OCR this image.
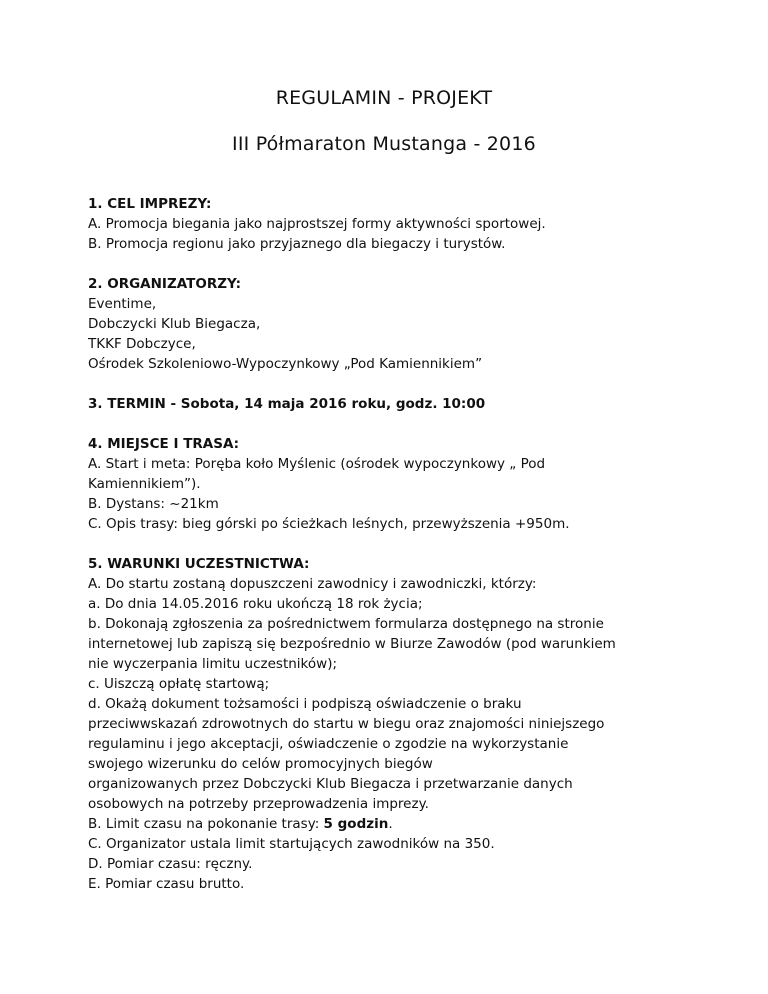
REGULAMIN - PROJEKT
III Półmaraton Mustanga - 2016
1. CEL IMPREZY:

A. Promocja biegania jako najprostszej formy aktywności sportowej.

B. Promocja regionu jako przyjaznego dla biegaczy i turystów.

2. ORGANIZATORZY:

Eventime,

Dobczycki Klub Biegacza,

TKKF Dobczyce,

Ośrodek Szkoleniowo-Wypoczynkowy „Pod Kamiennikiem”

3. TERMIN - Sobota, 14 maja 2016 roku, godz. 10:00
4. MIEJSCE I TRASA:

A. Start i meta: Poręba koło Myślenic (ośrodek wypoczynkowy „ Pod

Kamiennikiem”).

B. Dystans: ~21km

C. Opis trasy: bieg górski po ścieżkach leśnych, przewyższenia +950m.

5. WARUNKI UCZESTNICTWA:

A. Do startu zostaną dopuszczeni zawodnicy i zawodniczki, którzy:

a. Do dnia 14.05.2016 roku ukończą 18 rok życia;

b. Dokonają zgłoszenia za pośrednictwem formularza dostępnego na stronie

internetowej lub zapiszą się bezpośrednio w Biurze Zawodów (pod warunkiem

nie wyczerpania limitu uczestników);

c. Uiszczą opłatę startową;

d. Okażą dokument tożsamości i podpiszą oświadczenie o braku

przeciwwskazań zdrowotnych do startu w biegu oraz znajomości niniejszego

regulaminu i jego akceptacji, oświadczenie o zgodzie na wykorzystanie

swojego wizerunku do celów promocyjnych biegów

organizowanych przez Dobczycki Klub Biegacza i przetwarzanie danych

osobowych na potrzeby przeprowadzenia imprezy.

B. Limit czasu na pokonanie trasy: 5 godzin.

C. Organizator ustala limit startujących zawodników na 350.

D. Pomiar czasu: ręczny.

E. Pomiar czasu brutto.
